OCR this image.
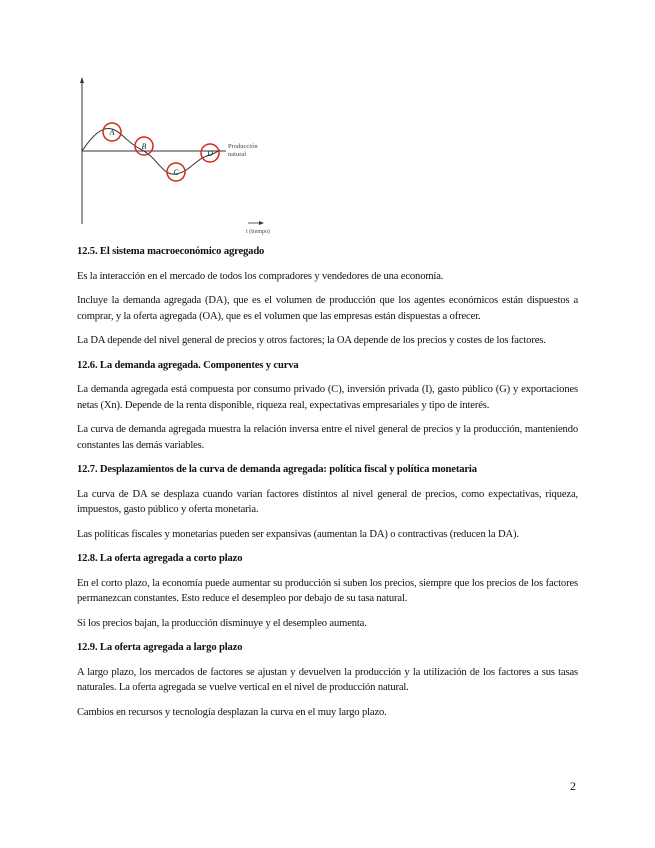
A
B
C
D
Producción
natural
t (tiempo)
12.5. El sistema macroeconómico agregado

Es la interacción en el mercado de todos los compradores y vendedores de una economía.

Incluye la demanda agregada (DA), que es el volumen de producción que los agentes económicos están dispuestos a comprar, y la oferta agregada (OA), que es el volumen que las empresas están dispuestas a ofrecer.

La DA depende del nivel general de precios y otros factores; la OA depende de los precios y costes de los factores.

12.6. La demanda agregada. Componentes y curva

La demanda agregada está compuesta por consumo privado (C), inversión privada (I), gasto público (G) y exportaciones netas (Xn). Depende de la renta disponible, riqueza real, expectativas empresariales y tipo de interés.

La curva de demanda agregada muestra la relación inversa entre el nivel general de precios y la producción, manteniendo constantes las demás variables.

12.7. Desplazamientos de la curva de demanda agregada: política fiscal y política monetaria

La curva de DA se desplaza cuando varían factores distintos al nivel general de precios, como expectativas, riqueza, impuestos, gasto público y oferta monetaria.

Las políticas fiscales y monetarias pueden ser expansivas (aumentan la DA) o contractivas (reducen la DA).

12.8. La oferta agregada a corto plazo

En el corto plazo, la economía puede aumentar su producción si suben los precios, siempre que los precios de los factores permanezcan constantes. Esto reduce el desempleo por debajo de su tasa natural.

Si los precios bajan, la producción disminuye y el desempleo aumenta.

12.9. La oferta agregada a largo plazo

A largo plazo, los mercados de factores se ajustan y devuelven la producción y la utilización de los factores a sus tasas naturales. La oferta agregada se vuelve vertical en el nivel de producción natural.

Cambios en recursos y tecnología desplazan la curva en el muy largo plazo.

2
